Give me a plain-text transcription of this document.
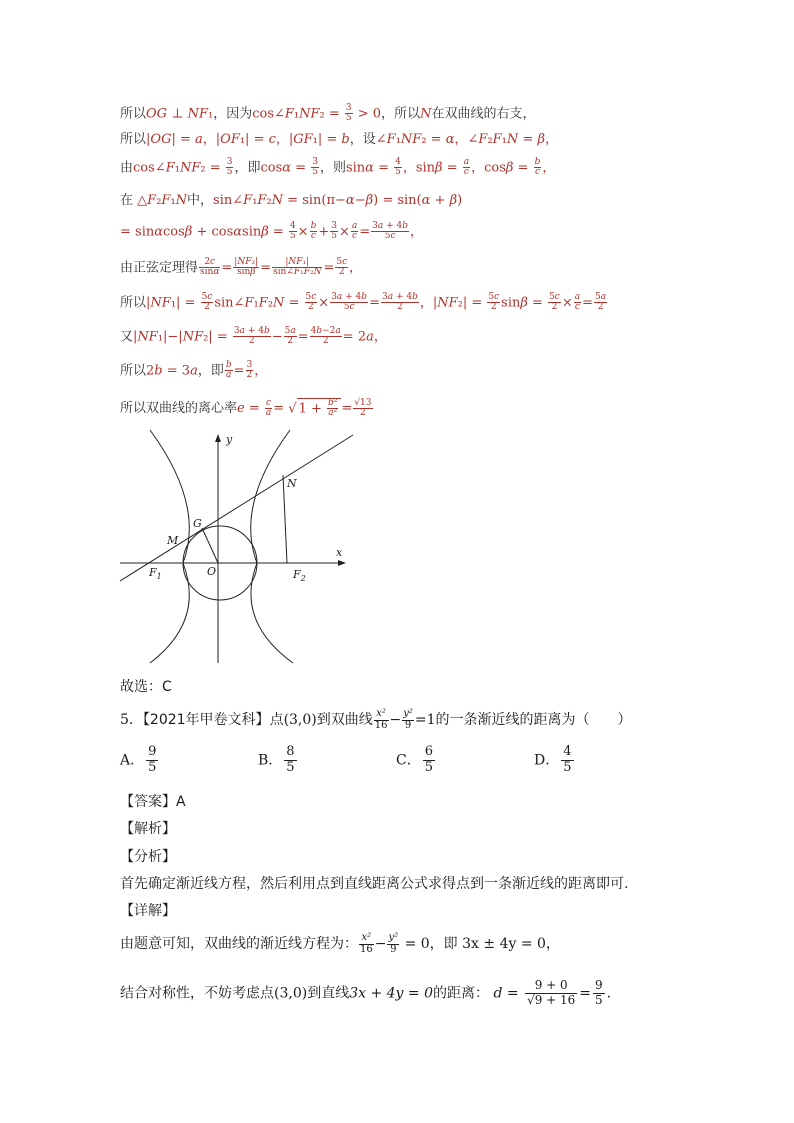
所以OG ⊥ NF₁，因为cos∠F₁NF₂ = $\frac{3}{5} > 0$，所以N在双曲线的右支，
所以|OG| = a，|OF₁| = c，|GF₁| = b，设∠F₁NF₂ = α，∠F₂F₁N = β，
由cos∠F₁NF₂ = $\frac{3}{5}$ ，即$\cos\alpha = \frac{3}{5}$ ，则$\sin\alpha = \frac{4}{5}$ ，$\sin\beta = \frac{a}{c}$ ，$\cos\beta = \frac{b}{c}$ ，
在 △F₂F₁N中，sin∠F₁F₂N = sin(π−α−β) = sin(α + β)
= $\sin\alpha\cos\beta + \cos\alpha\sin\beta = \frac{4}{5} \times \frac{b}{c} + \frac{3}{5} \times \frac{a}{c} = \frac{3a + 4b}{5c}$ ，
由正弦定理得 $\frac{2c}{\sin\alpha} = \frac{\text{|NF₂|}}{\sin\beta} = \frac{\text{|NF₁|}}{\text{sin∠F₁F₂N}} = \frac{5c}{2}$ ，
所以$|NF_1| = \frac{5c}{2}$ sin∠F₁F₂N = $\frac{5c}{2} \times \frac{3a + 4b}{5c} = \frac{3a + 4b}{2}$ ，$|NF_2| = \frac{5c}{2}$ $\sin\beta = \frac{5c}{2} \times \frac{a}{c} = \frac{5a}{2}$
又$|NF_1|-|NF_2| = \frac{3a + 4b}{2} - \frac{5a}{2} = \frac{4b-2a}{2} = 2a$，
所以2b = 3a，即 $\frac{b}{a} = \frac{3}{2}$ ，
所以双曲线的离心率$e = \frac{c}{a}$ = √ $1 + \frac{\text{b²}}{\text{a²}} = \frac{√13}{2}$
y
x
N
G
M
O
$F_1$	$F_2$
故选：C
5．【2021年甲卷文科】点(3,0)到双曲线 $\frac{\text{x²}}{16} - \frac{\text{y²}}{9} =1$的一条渐近线的距离为（　　）
A． $\frac{9}{5}$	B． $\frac{8}{5}$	C． $\frac{6}{5}$	D． $\frac{4}{5}$
【答案】A
【解析】
【分析】
首先确定渐近线方程，然后利用点到直线距离公式求得点到一条渐近线的距离即可.
【详解】
由题意可知，双曲线的渐近线方程为： $\frac{\text{x²}}{16} - \frac{\text{y²}}{9} = 0$，即 3x ± 4y = 0，
结合对称性，不妨考虑点(3,0)到直线3x + 4y = 0的距离： $d = \frac{9 + 0}{√9 + 16} = \frac{9}{5}$ .
